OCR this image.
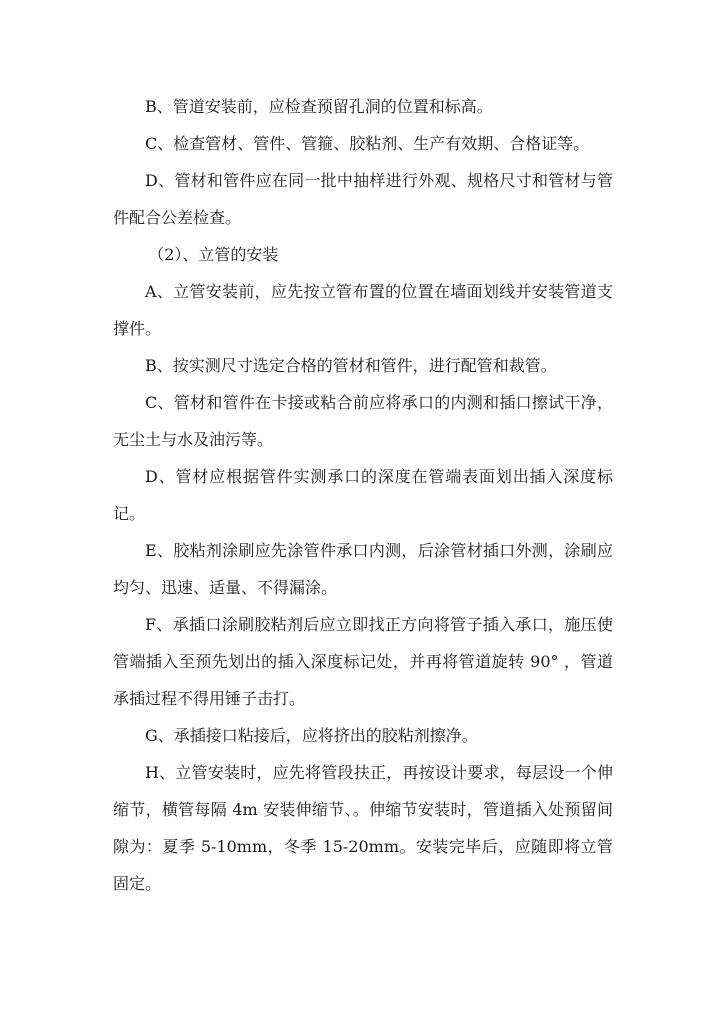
B、管道安装前，应检查预留孔洞的位置和标高。

C、检查管材、管件、管箍、胶粘剂、生产有效期、合格证等。

D、管材和管件应在同一批中抽样进行外观、规格尺寸和管材与管件配合公差检查。

（2）、立管的安装

A、立管安装前，应先按立管布置的位置在墙面划线并安装管道支撑件。

B、按实测尺寸选定合格的管材和管件，进行配管和裁管。

C、管材和管件在卡接或粘合前应将承口的内测和插口擦试干净，无尘土与水及油污等。

D、管材应根据管件实测承口的深度在管端表面划出插入深度标记。

E、胶粘剂涂刷应先涂管件承口内测，后涂管材插口外测，涂刷应均匀、迅速、适量、不得漏涂。

F、承插口涂刷胶粘剂后应立即找正方向将管子插入承口，施压使管端插入至预先划出的插入深度标记处，并再将管道旋转 90° ，管道承插过程不得用锤子击打。

G、承插接口粘接后，应将挤出的胶粘剂擦净。

H、立管安装时，应先将管段扶正，再按设计要求，每层设一个伸缩节，横管每隔 4m 安装伸缩节、。伸缩节安装时，管道插入处预留间隙为：夏季 5-10mm，冬季 15-20mm。安装完毕后，应随即将立管固定。
